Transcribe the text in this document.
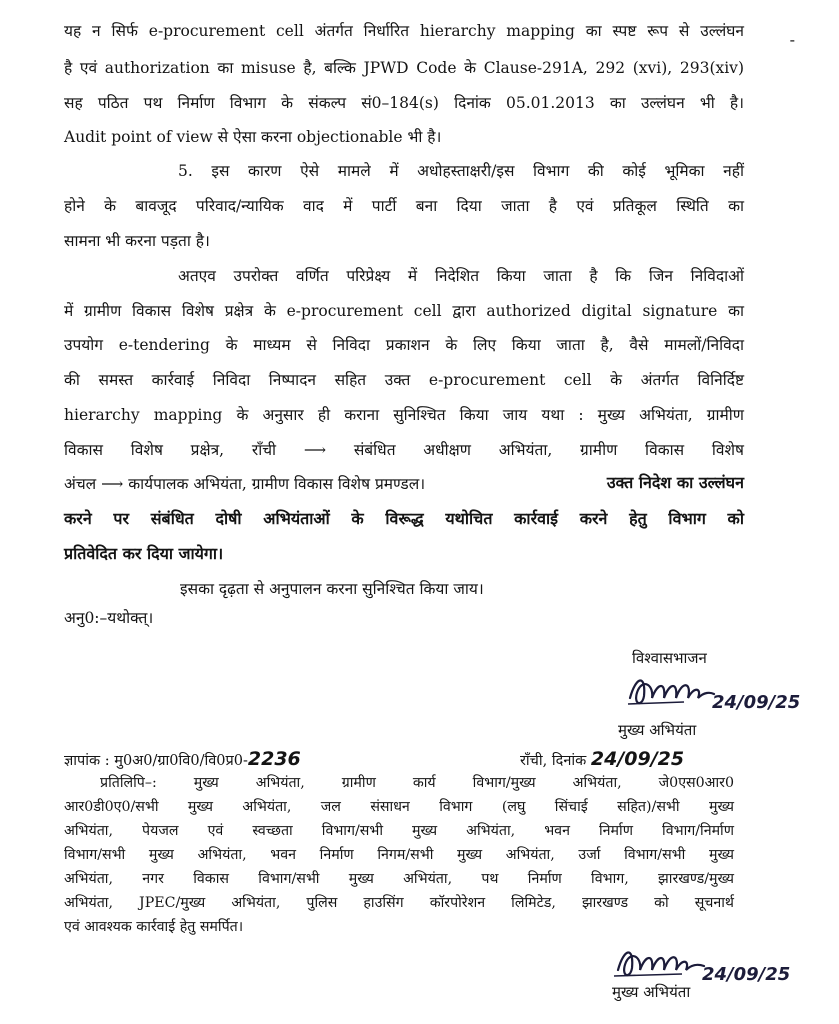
-
यह न सिर्फ e-procurement cell अंतर्गत निर्धारित hierarchy mapping का स्पष्ट रूप से उल्लंघन
है एवं authorization का misuse है, बल्कि JPWD Code के Clause-291A, 292 (xvi), 293(xiv)
सह पठित पथ निर्माण विभाग के संकल्प सं0–184(s) दिनांक 05.01.2013 का उल्लंघन भी है।
Audit point of view से ऐसा करना objectionable भी है।
5. इस कारण ऐसे मामले में अधोहस्ताक्षरी/इस विभाग की कोई भूमिका नहीं
होने के बावजूद परिवाद/न्यायिक वाद में पार्टी बना दिया जाता है एवं प्रतिकूल स्थिति का
सामना भी करना पड़ता है।
अतएव उपरोक्त वर्णित परिप्रेक्ष्य में निदेशित किया जाता है कि जिन निविदाओं
में ग्रामीण विकास विशेष प्रक्षेत्र के e-procurement cell द्वारा authorized digital signature का
उपयोग e-tendering के माध्यम से निविदा प्रकाशन के लिए किया जाता है, वैसे मामलों/निविदा
की समस्त कार्रवाई निविदा निष्पादन सहित उक्त e-procurement cell के अंतर्गत विनिर्दिष्ट
hierarchy mapping के अनुसार ही कराना सुनिश्चित किया जाय यथा : मुख्य अभियंता, ग्रामीण
विकास विशेष प्रक्षेत्र, राँची ⟶ संबंधित अधीक्षण अभियंता, ग्रामीण विकास विशेष
अंचल ⟶ कार्यपालक अभियंता, ग्रामीण विकास विशेष प्रमण्डल।	उक्त निदेश का उल्लंघन
करने पर संबंधित दोषी अभियंताओं के विरूद्ध यथोचित कार्रवाई करने हेतु विभाग को
प्रतिवेदित कर दिया जायेगा।
इसका दृढ़ता से अनुपालन करना सुनिश्चित किया जाय।
अनु0:–यथोक्त्।
विश्वासभाजन
24/09/25
मुख्य अभियंता
ज्ञापांक : मु0अ0/ग्रा0वि0/वि0प्र0-2236	राँची, दिनांक 24/09/25
प्रतिलिपि–: मुख्य अभियंता, ग्रामीण कार्य विभाग/मुख्य अभियंता, जे0एस0आर0
आर0डी0ए0/सभी मुख्य अभियंता, जल संसाधन विभाग (लघु सिंचाई सहित)/सभी मुख्य
अभियंता, पेयजल एवं स्वच्छता विभाग/सभी मुख्य अभियंता, भवन निर्माण विभाग/निर्माण
विभाग/सभी मुख्य अभियंता, भवन निर्माण निगम/सभी मुख्य अभियंता, उर्जा विभाग/सभी मुख्य
अभियंता, नगर विकास विभाग/सभी मुख्य अभियंता, पथ निर्माण विभाग, झारखण्ड/मुख्य
अभियंता, JPEC/मुख्य अभियंता, पुलिस हाउसिंग कॉरपोरेशन लिमिटेड, झारखण्ड को सूचनार्थ
एवं आवश्यक कार्रवाई हेतु समर्पित।
24/09/25
मुख्य अभियंता
